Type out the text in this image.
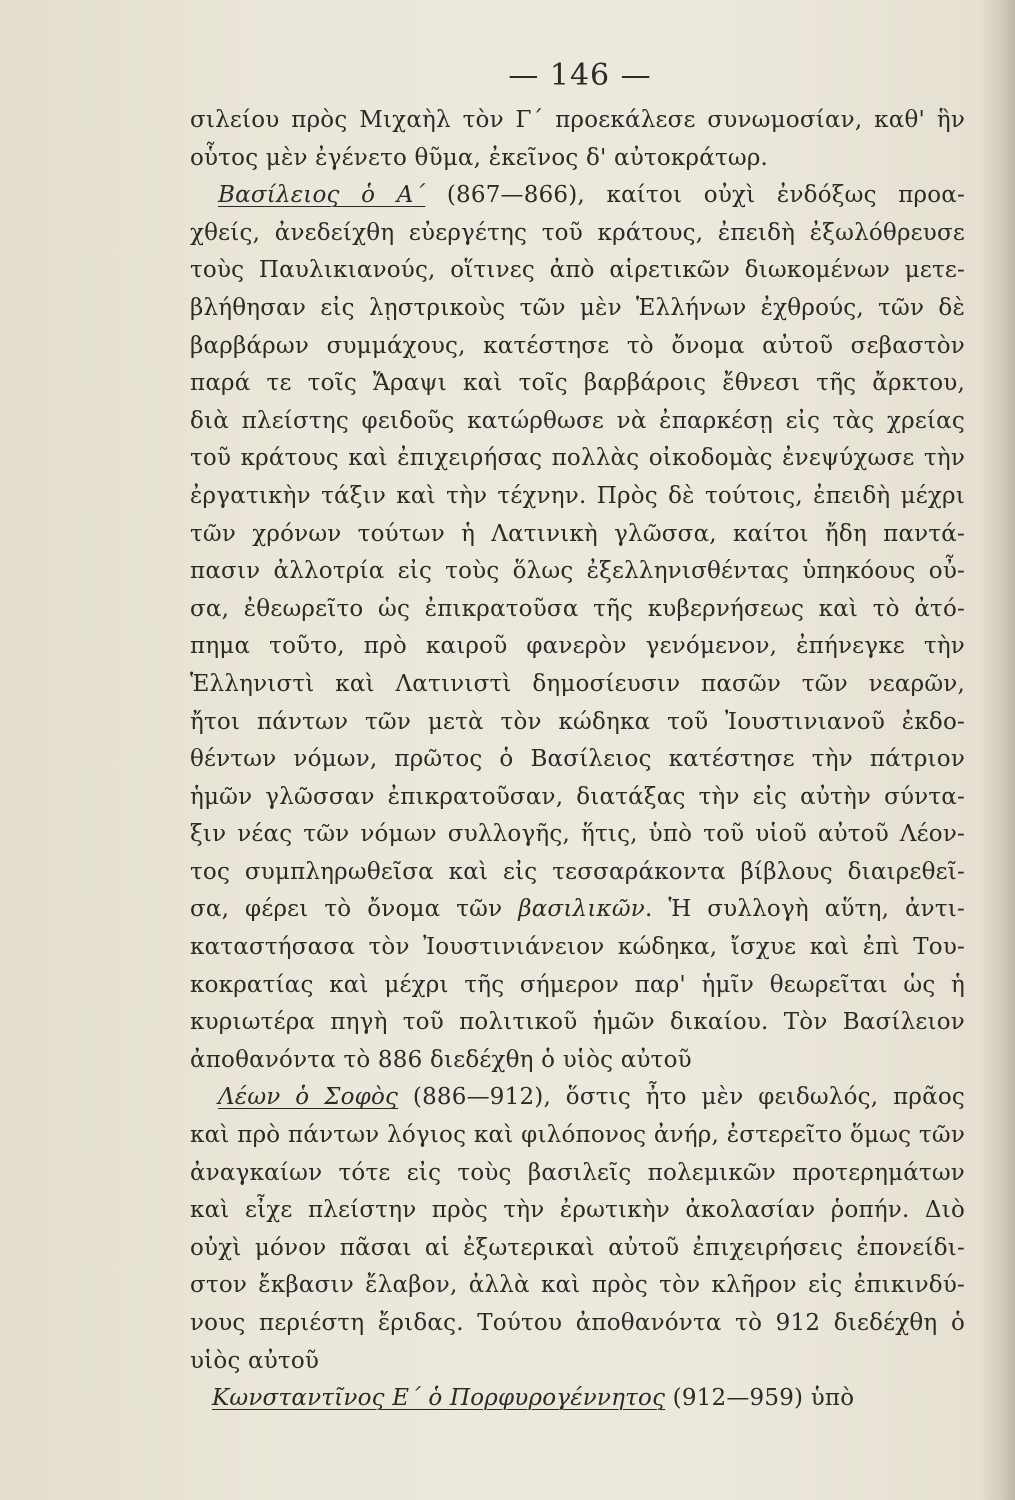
— 146 —
σιλείου πρὸς Μιχαὴλ τὸν Γ΄ προεκάλεσε συνωμοσίαν, καθ' ἣν
οὗτος μὲν ἐγένετο θῦμα, ἐκεῖνος δ' αὐτοκράτωρ.
Βασίλειος ὁ Α΄ (867—866), καίτοι οὐχὶ ἐνδόξως προα-
χθείς, ἀνεδείχθη εὐεργέτης τοῦ κράτους, ἐπειδὴ ἐξωλόθρευσε
τοὺς Παυλικιανούς, οἵτινες ἀπὸ αἱρετικῶν διωκομένων μετε-
βλήθησαν εἰς λῃστρικοὺς τῶν μὲν Ἑλλήνων ἐχθρούς, τῶν δὲ
βαρβάρων συμμάχους, κατέστησε τὸ ὄνομα αὐτοῦ σεβαστὸν
παρά τε τοῖς Ἄραψι καὶ τοῖς βαρβάροις ἔθνεσι τῆς ἄρκτου,
διὰ πλείστης φειδοῦς κατώρθωσε νὰ ἐπαρκέσῃ εἰς τὰς χρείας
τοῦ κράτους καὶ ἐπιχειρήσας πολλὰς οἰκοδομὰς ἐνεψύχωσε τὴν
ἐργατικὴν τάξιν καὶ τὴν τέχνην. Πρὸς δὲ τούτοις, ἐπειδὴ μέχρι
τῶν χρόνων τούτων ἡ Λατινικὴ γλῶσσα, καίτοι ἤδη παντά-
πασιν ἀλλοτρία εἰς τοὺς ὅλως ἐξελληνισθέντας ὑπηκόους οὖ-
σα, ἐθεωρεῖτο ὡς ἐπικρατοῦσα τῆς κυβερνήσεως καὶ τὸ ἀτό-
πημα τοῦτο, πρὸ καιροῦ φανερὸν γενόμενον, ἐπήνεγκε τὴν
Ἑλληνιστὶ καὶ Λατινιστὶ δημοσίευσιν πασῶν τῶν νεαρῶν,
ἤτοι πάντων τῶν μετὰ τὸν κώδηκα τοῦ Ἰουστινιανοῦ ἐκδο-
θέντων νόμων, πρῶτος ὁ Βασίλειος κατέστησε τὴν πάτριον
ἡμῶν γλῶσσαν ἐπικρατοῦσαν, διατάξας τὴν εἰς αὐτὴν σύντα-
ξιν νέας τῶν νόμων συλλογῆς, ἥτις, ὑπὸ τοῦ υἱοῦ αὐτοῦ Λέον-
τος συμπληρωθεῖσα καὶ εἰς τεσσαράκοντα βίβλους διαιρεθεῖ-
σα, φέρει τὸ ὄνομα τῶν βασιλικῶν. Ἡ συλλογὴ αὕτη, ἀντι-
καταστήσασα τὸν Ἰουστινιάνειον κώδηκα, ἴσχυε καὶ ἐπὶ Του-
κοκρατίας καὶ μέχρι τῆς σήμερον παρ' ἡμῖν θεωρεῖται ὡς ἡ
κυριωτέρα πηγὴ τοῦ πολιτικοῦ ἡμῶν δικαίου. Τὸν Βασίλειον
ἀποθανόντα τὸ 886 διεδέχθη ὁ υἱὸς αὐτοῦ
Λέων ὁ Σοφὸς (886—912), ὅστις ἦτο μὲν φειδωλός, πρᾶος
καὶ πρὸ πάντων λόγιος καὶ φιλόπονος ἀνήρ, ἐστερεῖτο ὅμως τῶν
ἀναγκαίων τότε εἰς τοὺς βασιλεῖς πολεμικῶν προτερημάτων
καὶ εἶχε πλείστην πρὸς τὴν ἐρωτικὴν ἀκολασίαν ῥοπήν. Διὸ
οὐχὶ μόνον πᾶσαι αἱ ἐξωτερικαὶ αὐτοῦ ἐπιχειρήσεις ἐπονείδι-
στον ἔκβασιν ἔλαβον, ἀλλὰ καὶ πρὸς τὸν κλῆρον εἰς ἐπικινδύ-
νους περιέστη ἔριδας. Τούτου ἀποθανόντα τὸ 912 διεδέχθη ὁ
υἱὸς αὐτοῦ
Κωνσταντῖνος Ε΄ ὁ Πορφυρογέννητος (912—959) ὑπὸ
